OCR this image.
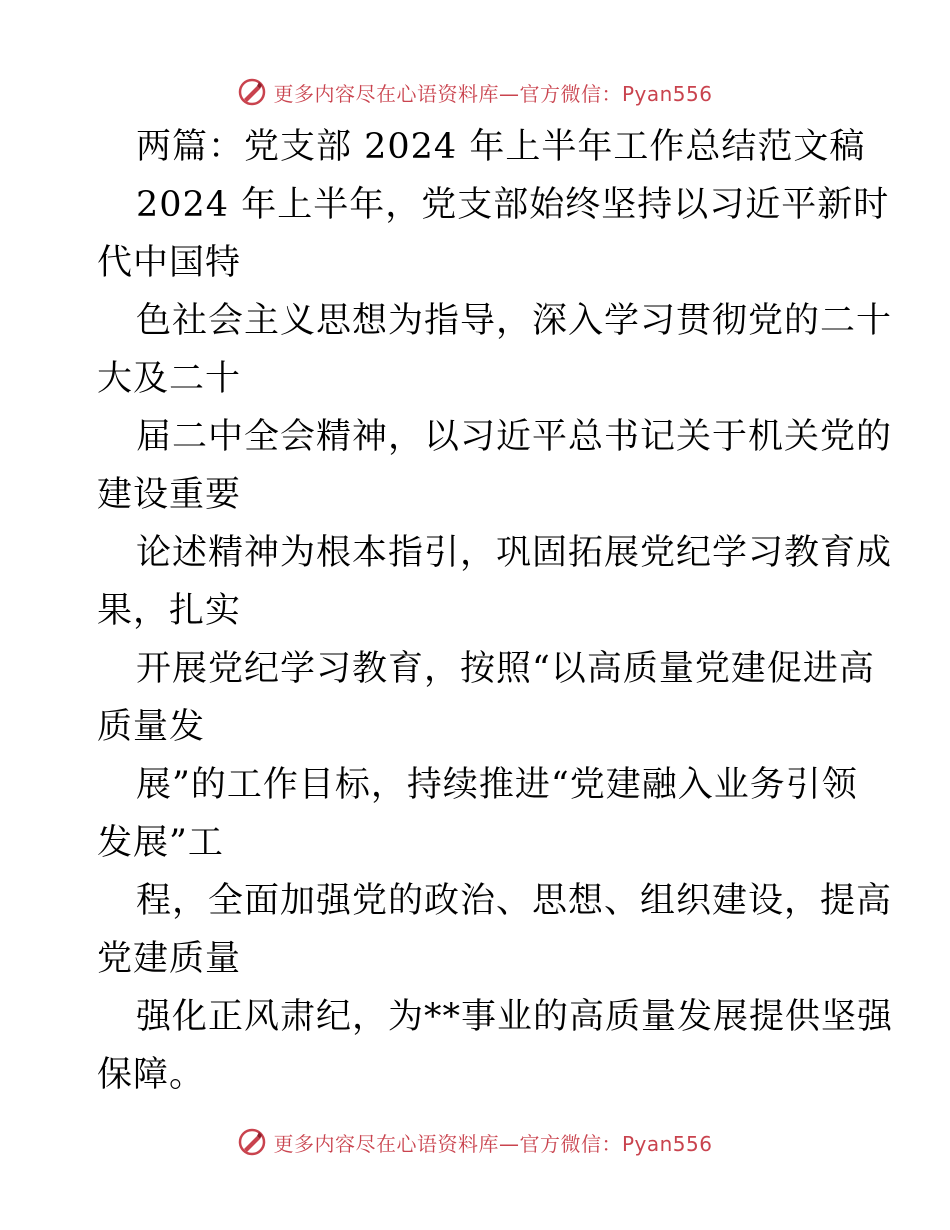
更多内容尽在心语资料库—官方微信：Pyan556
两篇：党支部 2024 年上半年工作总结范文稿
2024 年上半年，党支部始终坚持以习近平新时
代中国特
色社会主义思想为指导，深入学习贯彻党的二十
大及二十
届二中全会精神，以习近平总书记关于机关党的
建设重要
论述精神为根本指引，巩固拓展党纪学习教育成
果，扎实
开展党纪学习教育，按照“以高质量党建促进高
质量发
展”的工作目标，持续推进“党建融入业务引领
发展”工
程，全面加强党的政治、思想、组织建设，提高
党建质量
强化正风肃纪，为**事业的高质量发展提供坚强
保障。
更多内容尽在心语资料库—官方微信：Pyan556
